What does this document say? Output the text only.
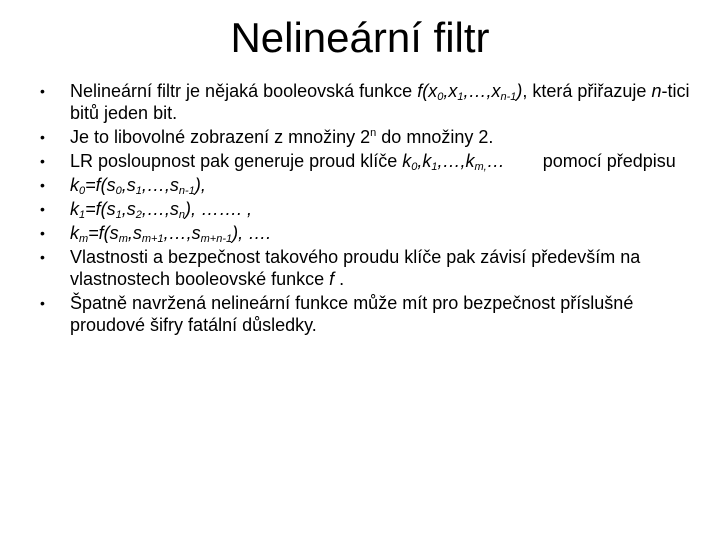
Nelineární filtr
•	Nelineární filtr je nějaká booleovská funkce $f(x_0,x_1,\dots,x_{n-1})$, která přiřazuje n-tici bitů jeden bit.
•	Je to libovolné zobrazení z množiny 2$^n$ do množiny 2.
•	LR posloupnost pak generuje proud klíče $k_0,k_1,\dots,k_{m,}\dots$ pomocí předpisu
•	$k_0=f(s_0,s_1,\dots,s_{n-1})$,
•	$k_1=f(s_1,s_2,\dots,s_n)$, ……. ,
•	$k_m=f(s_m,s_{m+1},\dots,s_{m+n-1})$, ….
•	Vlastnosti a bezpečnost takového proudu klíče pak závisí především na vlastnostech booleovské funkce f .
•	Špatně navržená nelineární funkce může mít pro bezpečnost příslušné proudové šifry fatální důsledky.
